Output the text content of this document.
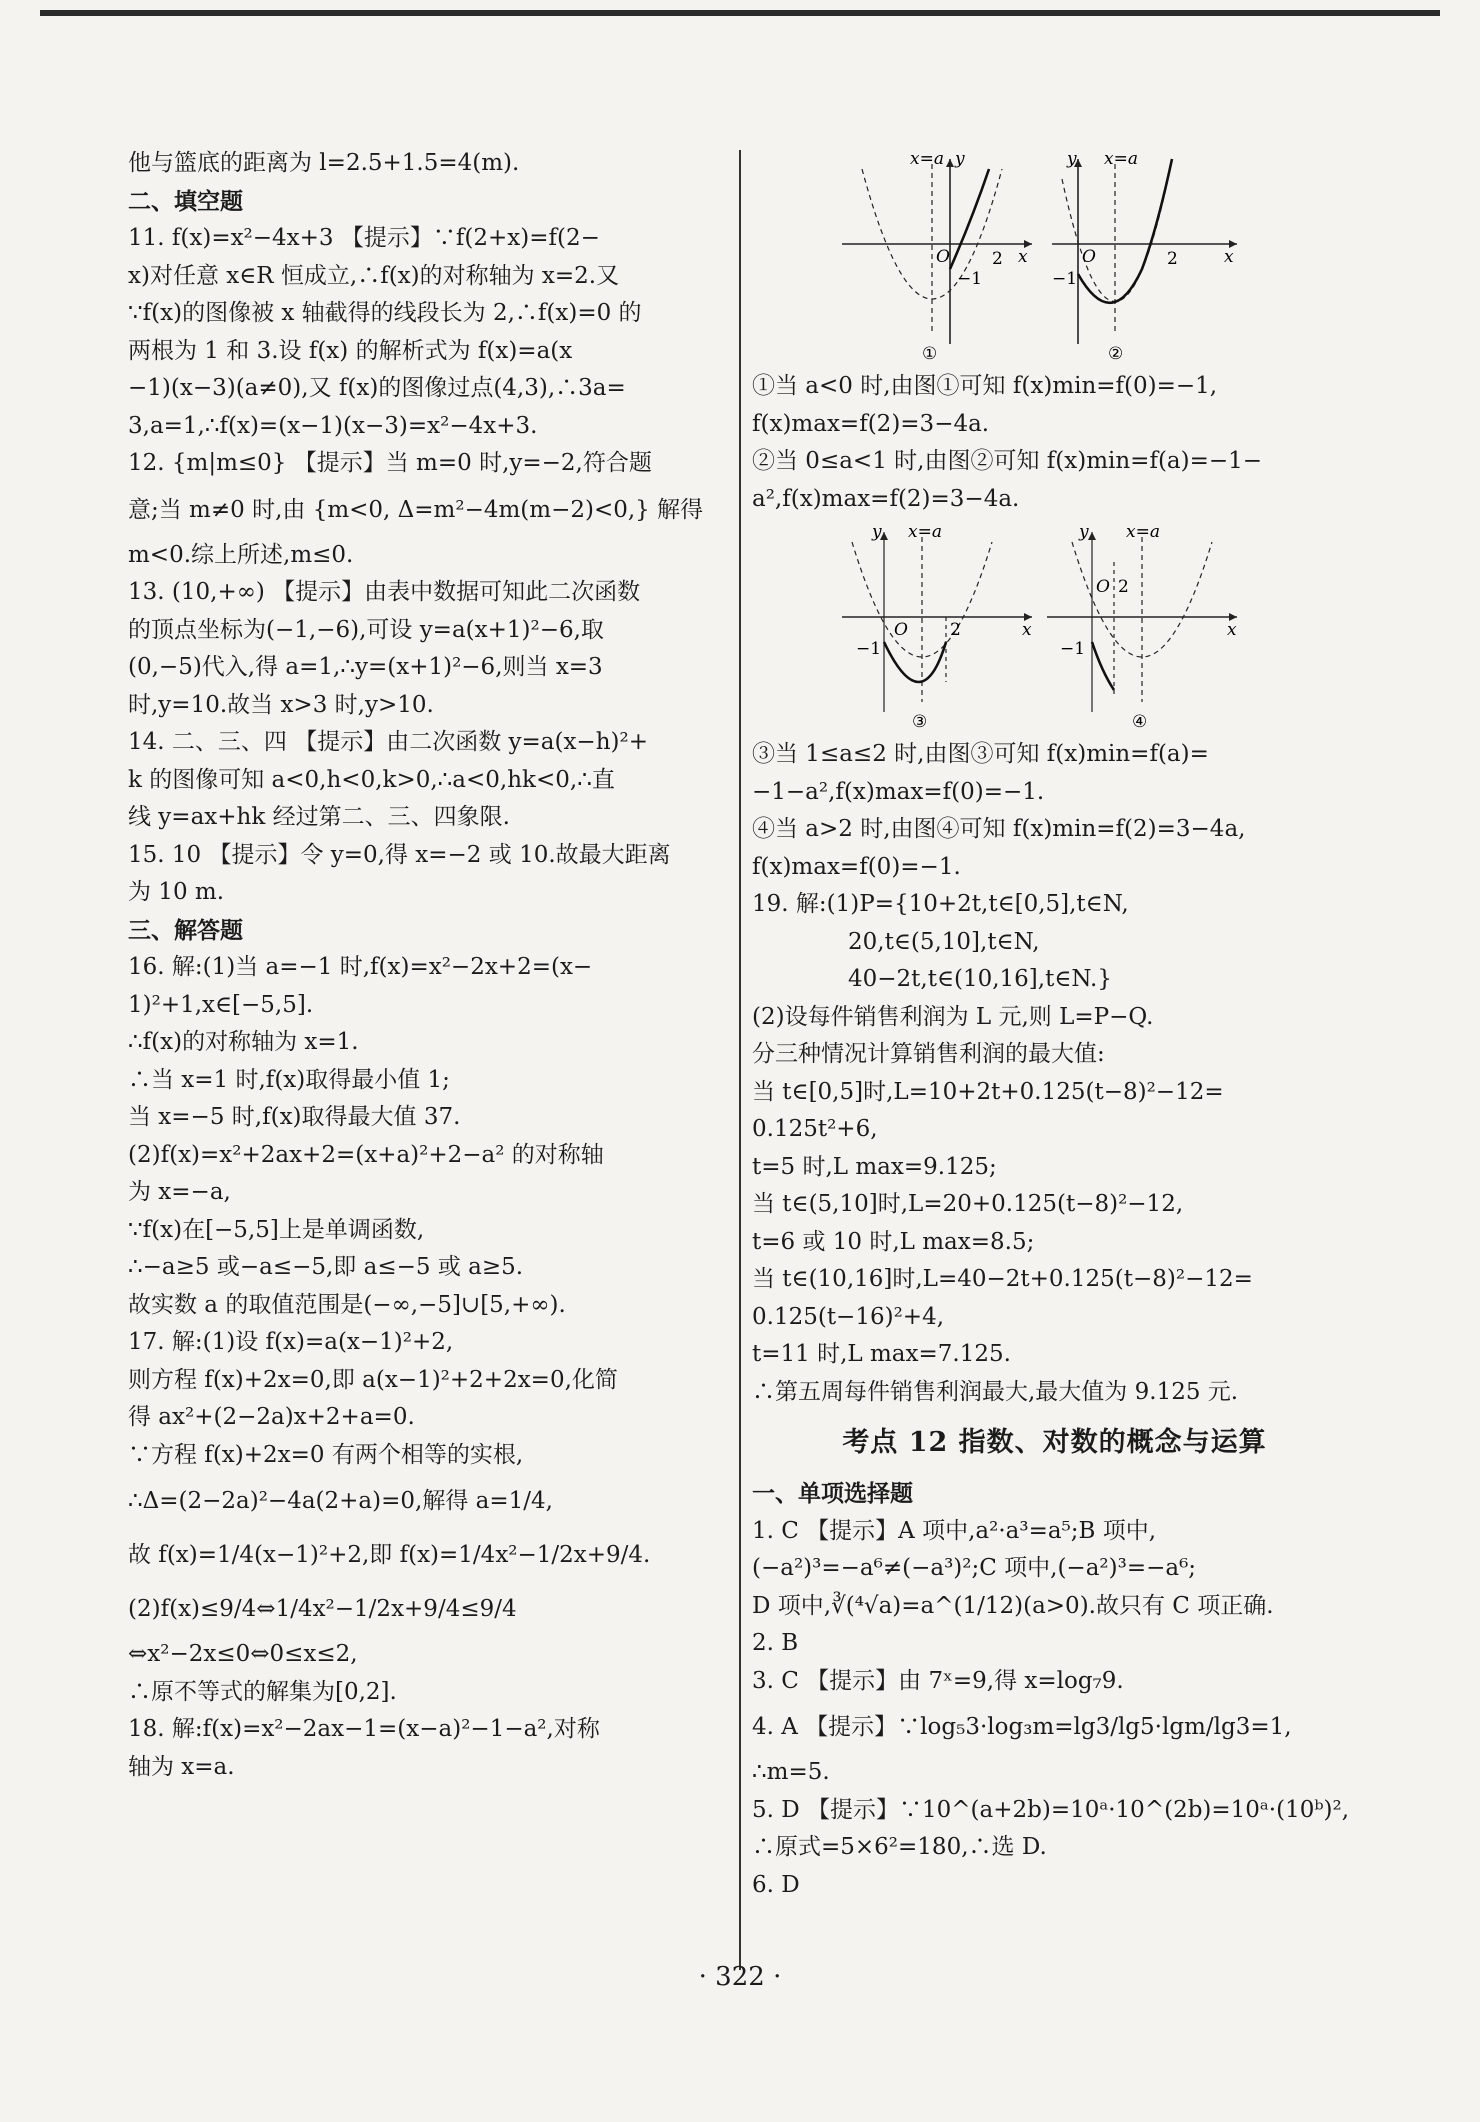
他与篮底的距离为 l=2.5+1.5=4(m).

二、填空题

11. f(x)=x²−4x+3 【提示】∵f(2+x)=f(2−

x)对任意 x∈R 恒成立,∴f(x)的对称轴为 x=2.又

∵f(x)的图像被 x 轴截得的线段长为 2,∴f(x)=0 的

两根为 1 和 3.设 f(x) 的解析式为 f(x)=a(x

−1)(x−3)(a≠0),又 f(x)的图像过点(4,3),∴3a=

3,a=1,∴f(x)=(x−1)(x−3)=x²−4x+3.

12. {m|m≤0} 【提示】当 m=0 时,y=−2,符合题

意;当 m≠0 时,由 {m<0, Δ=m²−4m(m−2)<0,} 解得

m<0.综上所述,m≤0.

13. (10,+∞) 【提示】由表中数据可知此二次函数

的顶点坐标为(−1,−6),可设 y=a(x+1)²−6,取

(0,−5)代入,得 a=1,∴y=(x+1)²−6,则当 x=3

时,y=10.故当 x>3 时,y>10.

14. 二、三、四 【提示】由二次函数 y=a(x−h)²+

k 的图像可知 a<0,h<0,k>0,∴a<0,hk<0,∴直

线 y=ax+hk 经过第二、三、四象限.

15. 10 【提示】令 y=0,得 x=−2 或 10.故最大距离

为 10 m.

三、解答题

16. 解:(1)当 a=−1 时,f(x)=x²−2x+2=(x−

1)²+1,x∈[−5,5].

∴f(x)的对称轴为 x=1.

∴当 x=1 时,f(x)取得最小值 1;

当 x=−5 时,f(x)取得最大值 37.

(2)f(x)=x²+2ax+2=(x+a)²+2−a² 的对称轴

为 x=−a,

∵f(x)在[−5,5]上是单调函数,

∴−a≥5 或−a≤−5,即 a≤−5 或 a≥5.

故实数 a 的取值范围是(−∞,−5]∪[5,+∞).

17. 解:(1)设 f(x)=a(x−1)²+2,

则方程 f(x)+2x=0,即 a(x−1)²+2+2x=0,化简

得 ax²+(2−2a)x+2+a=0.

∵方程 f(x)+2x=0 有两个相等的实根,

∴Δ=(2−2a)²−4a(2+a)=0,解得 a=1/4,

故 f(x)=1/4(x−1)²+2,即 f(x)=1/4x²−1/2x+9/4.

(2)f(x)≤9/4⇔1/4x²−1/2x+9/4≤9/4

⇔x²−2x≤0⇔0≤x≤2,

∴原不等式的解集为[0,2].

18. 解:f(x)=x²−2ax−1=(x−a)²−1−a²,对称

轴为 x=a.

x=a y
O 2 x
−1
①
y x=a
O	2	x
−1
②

①当 a<0 时,由图①可知 f(x)min=f(0)=−1,

f(x)max=f(2)=3−4a.

②当 0≤a<1 时,由图②可知 f(x)min=f(a)=−1−

a²,f(x)max=f(2)=3−4a.

y x=a
O 2	x
−1
③
y x=a
O 2
x
−1
④

③当 1≤a≤2 时,由图③可知 f(x)min=f(a)=

−1−a²,f(x)max=f(0)=−1.

④当 a>2 时,由图④可知 f(x)min=f(2)=3−4a,

f(x)max=f(0)=−1.

19. 解:(1)P={10+2t,t∈[0,5],t∈N,

20,t∈(5,10],t∈N,

40−2t,t∈(10,16],t∈N.}

(2)设每件销售利润为 L 元,则 L=P−Q.

分三种情况计算销售利润的最大值:

当 t∈[0,5]时,L=10+2t+0.125(t−8)²−12=

0.125t²+6,

t=5 时,L max=9.125;

当 t∈(5,10]时,L=20+0.125(t−8)²−12,

t=6 或 10 时,L max=8.5;

当 t∈(10,16]时,L=40−2t+0.125(t−8)²−12=

0.125(t−16)²+4,

t=11 时,L max=7.125.

∴第五周每件销售利润最大,最大值为 9.125 元.

考点 12 指数、对数的概念与运算

一、单项选择题

1. C 【提示】A 项中,a²·a³=a⁵;B 项中,

(−a²)³=−a⁶≠(−a³)²;C 项中,(−a²)³=−a⁶;

D 项中,∛(⁴√a)=a^(1/12)(a>0).故只有 C 项正确.

2. B

3. C 【提示】由 7ˣ=9,得 x=log₇9.

4. A 【提示】∵log₅3·log₃m=lg3/lg5·lgm/lg3=1,

∴m=5.

5. D 【提示】∵10^(a+2b)=10ᵃ·10^(2b)=10ᵃ·(10ᵇ)²,

∴原式=5×6²=180,∴选 D.

6. D

· 322 ·
